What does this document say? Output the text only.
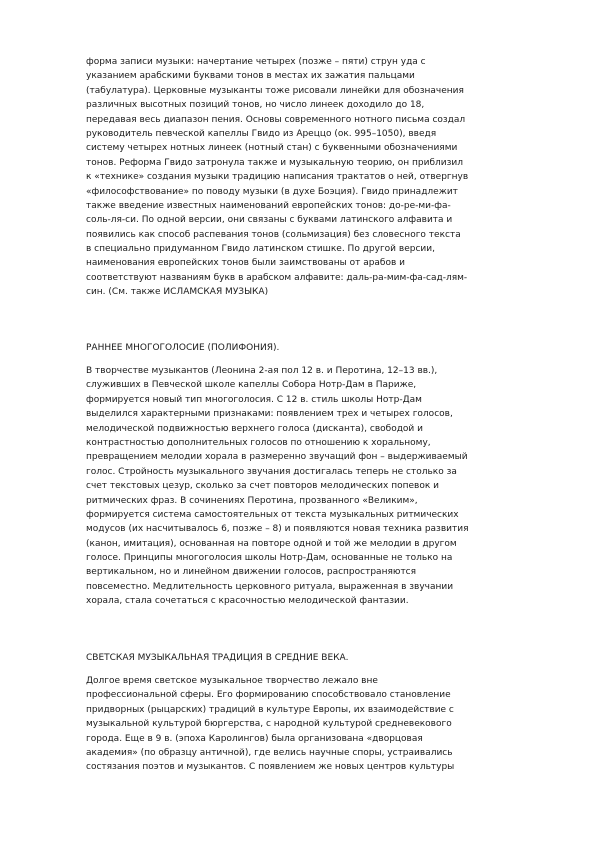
форма записи музыки: начертание четырех (позже – пяти) струн уда с
указанием арабскими буквами тонов в местах их зажатия пальцами
(табулатура). Церковные музыканты тоже рисовали линейки для обозначения
различных высотных позиций тонов, но число линеек доходило до 18,
передавая весь диапазон пения. Основы современного нотного письма создал
руководитель певческой капеллы Гвидо из Ареццо (ок. 995–1050), введя
систему четырех нотных линеек (нотный стан) с буквенными обозначениями
тонов. Реформа Гвидо затронула также и музыкальную теорию, он приблизил
к «технике» создания музыки традицию написания трактатов о ней, отвергнув
«философствование» по поводу музыки (в духе Боэция). Гвидо принадлежит
также введение известных наименований европейских тонов: до-ре-ми-фа-
соль-ля-си. По одной версии, они связаны с буквами латинского алфавита и
появились как способ распевания тонов (сольмизация) без словесного текста
в специально придуманном Гвидо латинском стишке. По другой версии,
наименования европейских тонов были заимствованы от арабов и
соответствуют названиям букв в арабском алфавите: даль-ра-мим-фа-сад-лям-
син. (См. также ИСЛАМСКАЯ МУЗЫКА)
РАННЕЕ МНОГОГОЛОСИЕ (ПОЛИФОНИЯ).
В творчестве музыкантов (Леонина 2-ая пол 12 в. и Перотина, 12–13 вв.),
служивших в Певческой школе капеллы Собора Нотр-Дам в Париже,
формируется новый тип многоголосия. С 12 в. стиль школы Нотр-Дам
выделился характерными признаками: появлением трех и четырех голосов,
мелодической подвижностью верхнего голоса (дисканта), свободой и
контрастностью дополнительных голосов по отношению к хоральному,
превращением мелодии хорала в размеренно звучащий фон – выдерживаемый
голос. Стройность музыкального звучания достигалась теперь не столько за
счет текстовых цезур, сколько за счет повторов мелодических попевок и
ритмических фраз. В сочинениях Перотина, прозванного «Великим»,
формируется система самостоятельных от текста музыкальных ритмических
модусов (их насчитывалось 6, позже – 8) и появляются новая техника развития
(канон, имитация), основанная на повторе одной и той же мелодии в другом
голосе. Принципы многоголосия школы Нотр-Дам, основанные не только на
вертикальном, но и линейном движении голосов, распространяются
повсеместно. Медлительность церковного ритуала, выраженная в звучании
хорала, стала сочетаться с красочностью мелодической фантазии.
СВЕТСКАЯ МУЗЫКАЛЬНАЯ ТРАДИЦИЯ В СРЕДНИЕ ВЕКА.
Долгое время светское музыкальное творчество лежало вне
профессиональной сферы. Его формированию способствовало становление
придворных (рыцарских) традиций в культуре Европы, их взаимодействие с
музыкальной культурой бюргерства, с народной культурой средневекового
города. Еще в 9 в. (эпоха Каролингов) была организована «дворцовая
академия» (по образцу античной), где велись научные споры, устраивались
состязания поэтов и музыкантов. С появлением же новых центров культуры
